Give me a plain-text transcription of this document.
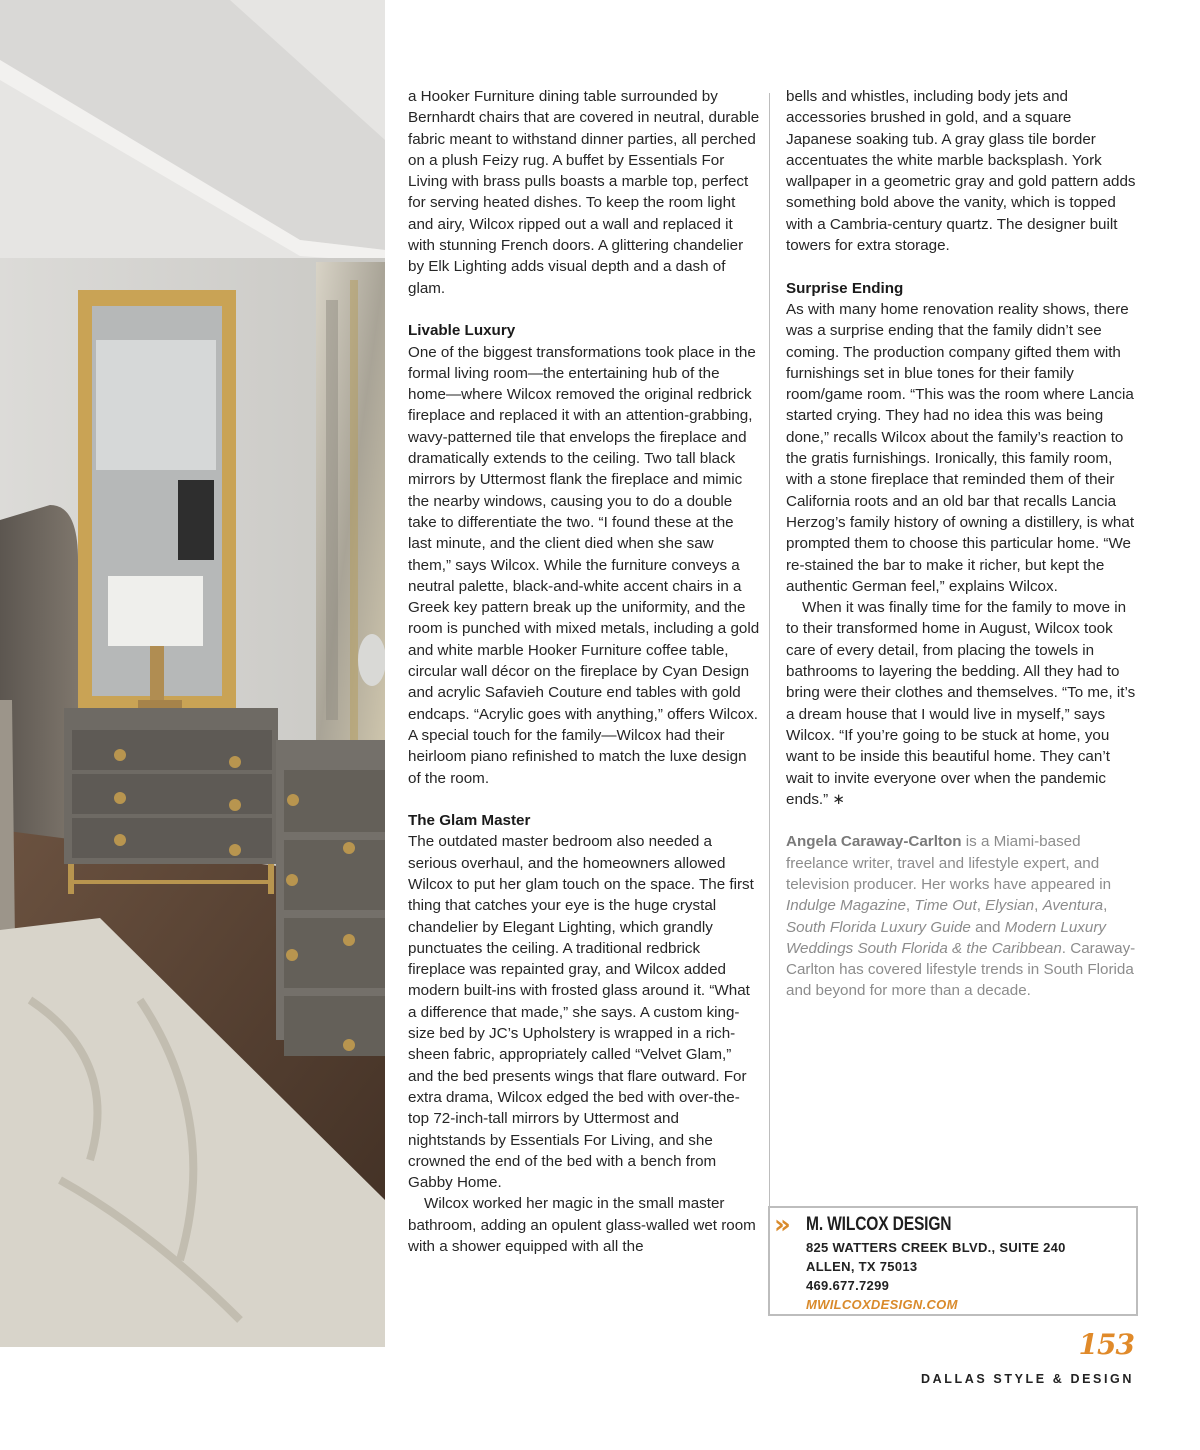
a Hooker Furniture dining table surrounded by Bernhardt chairs that are covered in neutral, durable fabric meant to withstand dinner parties, all perched on a plush Feizy rug. A buffet by Essentials For Living with brass pulls boasts a marble top, perfect for serving heated dishes. To keep the room light and airy, Wilcox ripped out a wall and replaced it with stunning French doors. A glittering chandelier by Elk Lighting adds visual depth and a dash of glam.

Livable Luxury

One of the biggest transformations took place in the formal living room—the entertaining hub of the home—where Wilcox removed the original redbrick fireplace and replaced it with an attention-grabbing, wavy-patterned tile that envelops the fireplace and dramatically extends to the ceiling. Two tall black mirrors by Uttermost flank the fireplace and mimic the nearby windows, causing you to do a double take to differentiate the two. “I found these at the last minute, and the client died when she saw them,” says Wilcox. While the furniture conveys a neutral palette, black-and-white accent chairs in a Greek key pattern break up the uniformity, and the room is punched with mixed metals, including a gold and white marble Hooker Furniture coffee table, circular wall décor on the fireplace by Cyan Design and acrylic Safavieh Couture end tables with gold endcaps. “Acrylic goes with anything,” offers Wilcox. A special touch for the family—Wilcox had their heirloom piano refinished to match the luxe design of the room.

The Glam Master

The outdated master bedroom also needed a serious overhaul, and the homeowners allowed Wilcox to put her glam touch on the space. The first thing that catches your eye is the huge crystal chandelier by Elegant Lighting, which grandly punctuates the ceiling. A traditional redbrick fireplace was repainted gray, and Wilcox added modern built-ins with frosted glass around it. “What a difference that made,” she says. A custom king-size bed by JC’s Upholstery is wrapped in a rich-sheen fabric, appropriately called “Velvet Glam,” and the bed presents wings that flare outward. For extra drama, Wilcox edged the bed with over-the-top 72-inch-tall mirrors by Uttermost and nightstands by Essentials For Living, and she crowned the end of the bed with a bench from Gabby Home.

Wilcox worked her magic in the small master bathroom, adding an opulent glass-walled wet room with a shower equipped with all the

bells and whistles, including body jets and accessories brushed in gold, and a square Japanese soaking tub. A gray glass tile border accentuates the white marble backsplash. York wallpaper in a geometric gray and gold pattern adds something bold above the vanity, which is topped with a Cambria-century quartz. The designer built towers for extra storage.

Surprise Ending

As with many home renovation reality shows, there was a surprise ending that the family didn’t see coming. The production company gifted them with furnishings set in blue tones for their family room/game room. “This was the room where Lancia started crying. They had no idea this was being done,” recalls Wilcox about the family’s reaction to the gratis furnishings. Ironically, this family room, with a stone fireplace that reminded them of their California roots and an old bar that recalls Lancia Herzog’s family history of owning a distillery, is what prompted them to choose this particular home. “We re-stained the bar to make it richer, but kept the authentic German feel,” explains Wilcox.

When it was finally time for the family to move in to their transformed home in August, Wilcox took care of every detail, from placing the towels in bathrooms to layering the bedding. All they had to bring were their clothes and themselves. “To me, it’s a dream house that I would live in myself,” says Wilcox. “If you’re going to be stuck at home, you want to be inside this beautiful home. They can’t wait to invite everyone over when the pandemic ends.” ∗

Angela Caraway-Carlton is a Miami-based freelance writer, travel and lifestyle expert, and television producer. Her works have appeared in Indulge Magazine, Time Out, Elysian, Aventura, South Florida Luxury Guide and Modern Luxury Weddings South Florida & the Caribbean. Caraway-Carlton has covered lifestyle trends in South Florida and beyond for more than a decade.

» M. WILCOX DESIGN
825 WATTERS CREEK BLVD., SUITE 240
ALLEN, TX 75013
469.677.7299
MWILCOXDESIGN.COM
153
DALLAS STYLE & DESIGN
